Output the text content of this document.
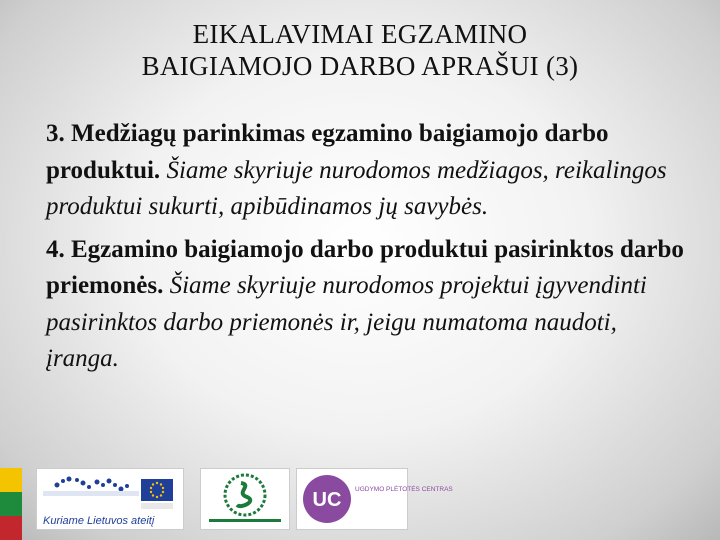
EIKALAVIMAI EGZAMINO
BAIGIAMOJO DARBO APRAŠUI (3)

3. Medžiagų parinkimas egzamino baigiamojo darbo produktui. Šiame skyriuje nurodomos medžiagos, reikalingos produktui sukurti, apibūdinamos jų savybės.

4. Egzamino baigiamojo darbo produktui pasirinktos darbo priemonės. Šiame skyriuje nurodomos projektui įgyvendinti pasirinktos darbo priemonės ir, jeigu numatoma naudoti, įranga.

Kuriame Lietuvos ateitį
UC UGDYMO PLĖTOTĖS CENTRAS
